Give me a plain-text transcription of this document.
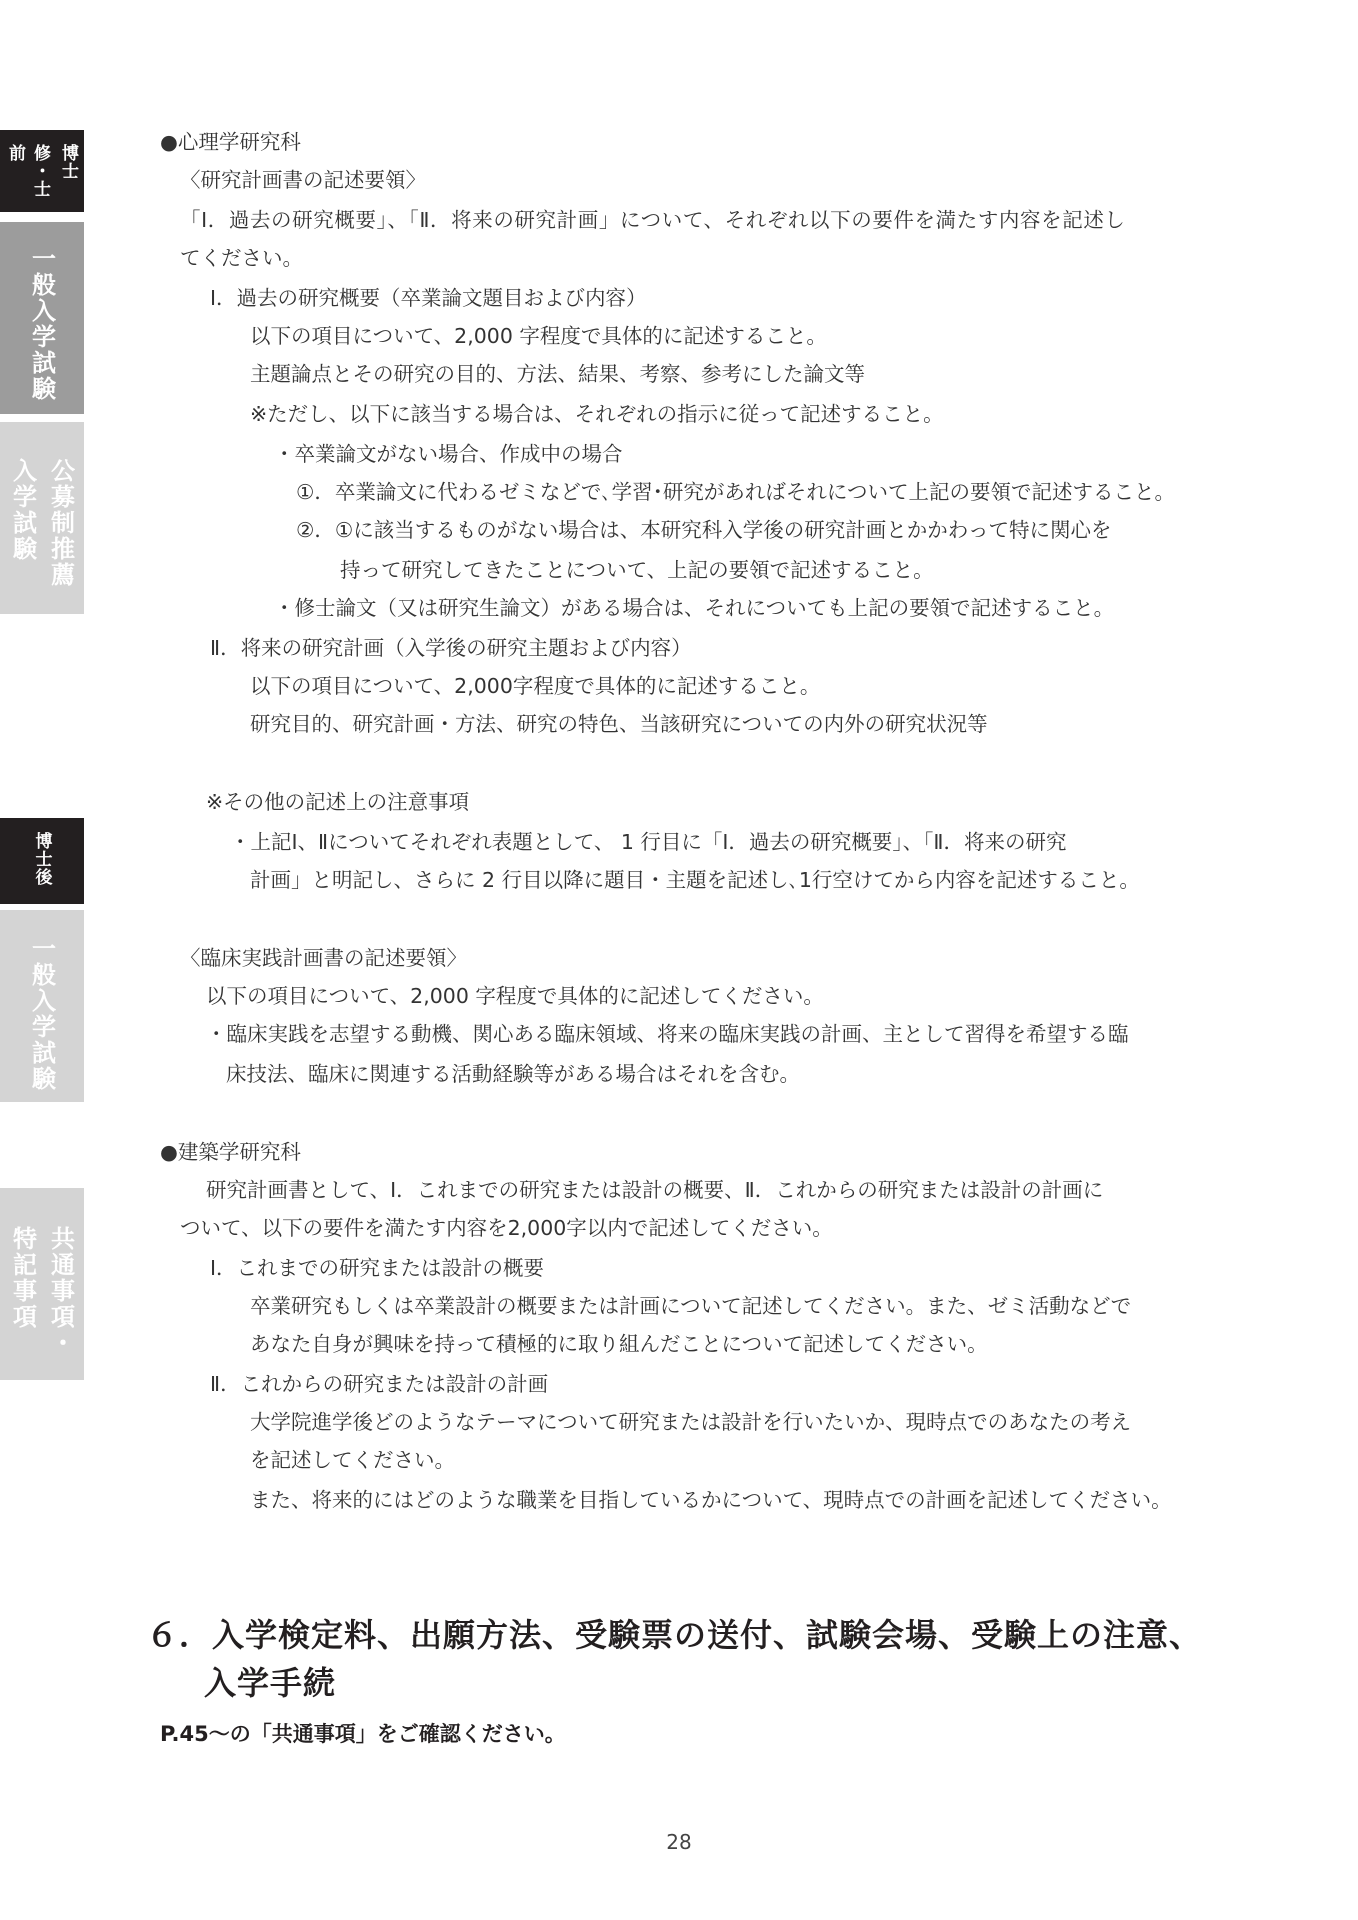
博士
修・士前
一般入学試験
公募制推薦
入学試験
博士後
一般入学試験
共通事項・
特記事項
●心理学研究科
〈研究計画書の記述要領〉
「Ⅰ．過去の研究概要」、「Ⅱ．将来の研究計画」について、それぞれ以下の要件を満たす内容を記述し
てください。
Ⅰ．過去の研究概要（卒業論文題目および内容）
以下の項目について、2,000 字程度で具体的に記述すること。
主題論点とその研究の目的、方法、結果、考察、参考にした論文等
※ただし、以下に該当する場合は、それぞれの指示に従って記述すること。
・卒業論文がない場合、作成中の場合
①．卒業論文に代わるゼミなどで､学習･研究があればそれについて上記の要領で記述すること。
②．①に該当するものがない場合は、本研究科入学後の研究計画とかかわって特に関心を
持って研究してきたことについて、上記の要領で記述すること。
・修士論文（又は研究生論文）がある場合は、それについても上記の要領で記述すること。
Ⅱ．将来の研究計画（入学後の研究主題および内容）
以下の項目について、2,000字程度で具体的に記述すること。
研究目的、研究計画・方法、研究の特色、当該研究についての内外の研究状況等
※その他の記述上の注意事項
・上記Ⅰ、Ⅱについてそれぞれ表題として、 1 行目に「Ⅰ．過去の研究概要」、「Ⅱ．将来の研究
計画」と明記し、さらに 2 行目以降に題目・主題を記述し､1行空けてから内容を記述すること。
〈臨床実践計画書の記述要領〉
以下の項目について、2,000 字程度で具体的に記述してください。
・臨床実践を志望する動機、関心ある臨床領域、将来の臨床実践の計画、主として習得を希望する臨
床技法、臨床に関連する活動経験等がある場合はそれを含む。
●建築学研究科
研究計画書として、Ⅰ．これまでの研究または設計の概要、Ⅱ．これからの研究または設計の計画に
ついて、以下の要件を満たす内容を2,000字以内で記述してください。
Ⅰ．これまでの研究または設計の概要
卒業研究もしくは卒業設計の概要または計画について記述してください。また、ゼミ活動などで
あなた自身が興味を持って積極的に取り組んだことについて記述してください。
Ⅱ．これからの研究または設計の計画
大学院進学後どのようなテーマについて研究または設計を行いたいか、現時点でのあなたの考え
を記述してください。
また、将来的にはどのような職業を目指しているかについて、現時点での計画を記述してください。
６．入学検定料、出願方法、受験票の送付、試験会場、受験上の注意、
入学手続
P.45～の「共通事項」をご確認ください。
28
